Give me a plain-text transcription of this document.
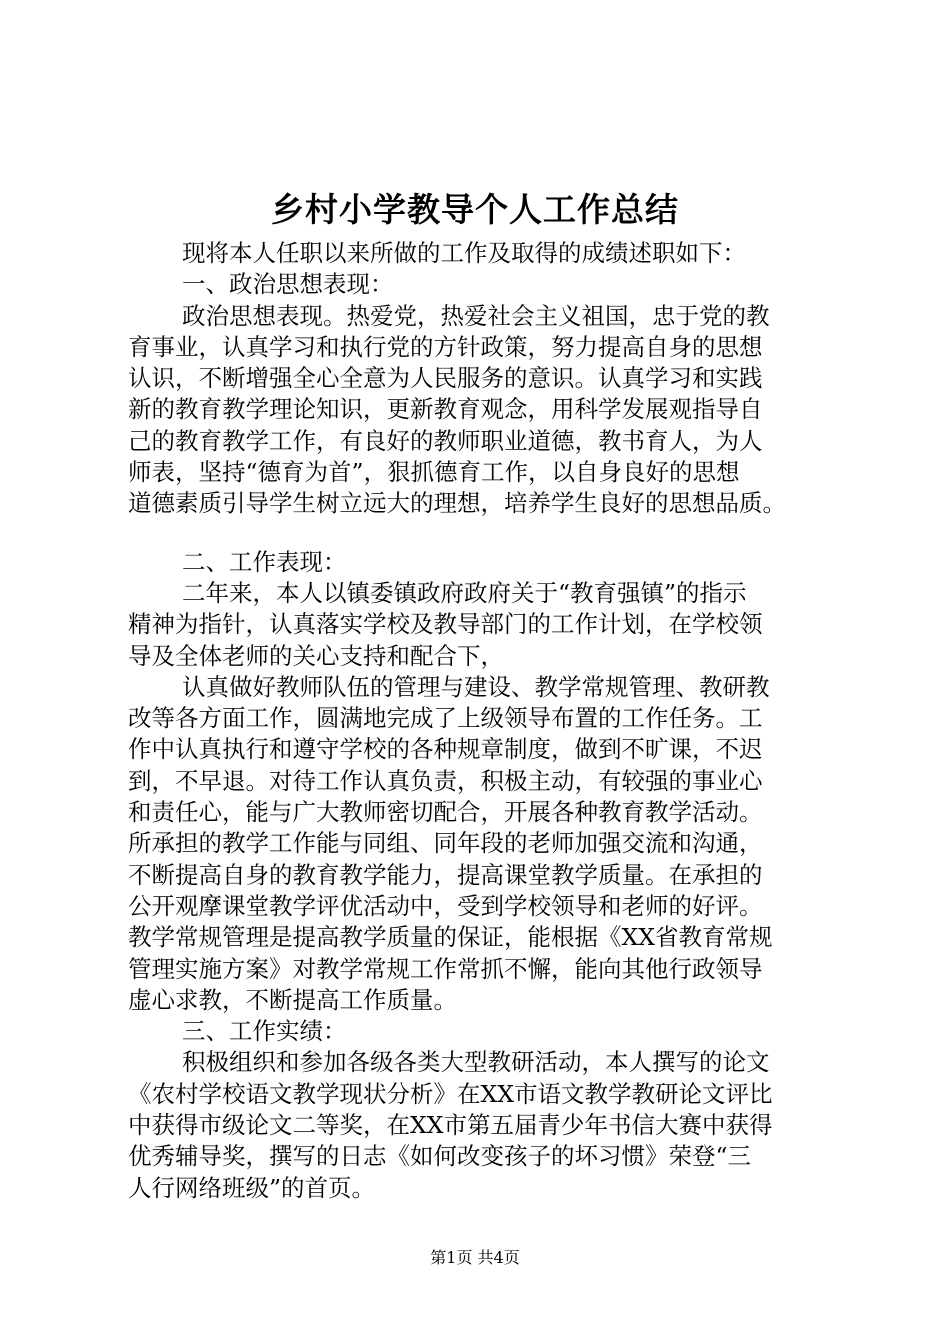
乡村小学教导个人工作总结
现将本人任职以来所做的工作及取得的成绩述职如下：
一、政治思想表现：
政治思想表现。热爱党，热爱社会主义祖国，忠于党的教
育事业，认真学习和执行党的方针政策，努力提高自身的思想
认识，不断增强全心全意为人民服务的意识。认真学习和实践
新的教育教学理论知识，更新教育观念，用科学发展观指导自
己的教育教学工作，有良好的教师职业道德，教书育人，为人
师表，坚持“德育为首”，狠抓德育工作，以自身良好的思想
道德素质引导学生树立远大的理想，培养学生良好的思想品质。
二、工作表现：
二年来，本人以镇委镇政府政府关于“教育强镇”的指示
精神为指针，认真落实学校及教导部门的工作计划，在学校领
导及全体老师的关心支持和配合下，
认真做好教师队伍的管理与建设、教学常规管理、教研教
改等各方面工作，圆满地完成了上级领导布置的工作任务。工
作中认真执行和遵守学校的各种规章制度，做到不旷课，不迟
到，不早退。对待工作认真负责，积极主动，有较强的事业心
和责任心，能与广大教师密切配合，开展各种教育教学活动。
所承担的教学工作能与同组、同年段的老师加强交流和沟通，
不断提高自身的教育教学能力，提高课堂教学质量。在承担的
公开观摩课堂教学评优活动中，受到学校领导和老师的好评。
教学常规管理是提高教学质量的保证，能根据《XX省教育常规
管理实施方案》对教学常规工作常抓不懈，能向其他行政领导
虚心求教，不断提高工作质量。
三、工作实绩：
积极组织和参加各级各类大型教研活动，本人撰写的论文
《农村学校语文教学现状分析》在XX市语文教学教研论文评比
中获得市级论文二等奖，在XX市第五届青少年书信大赛中获得
优秀辅导奖，撰写的日志《如何改变孩子的坏习惯》荣登“三
人行网络班级”的首页。
第1页 共4页
